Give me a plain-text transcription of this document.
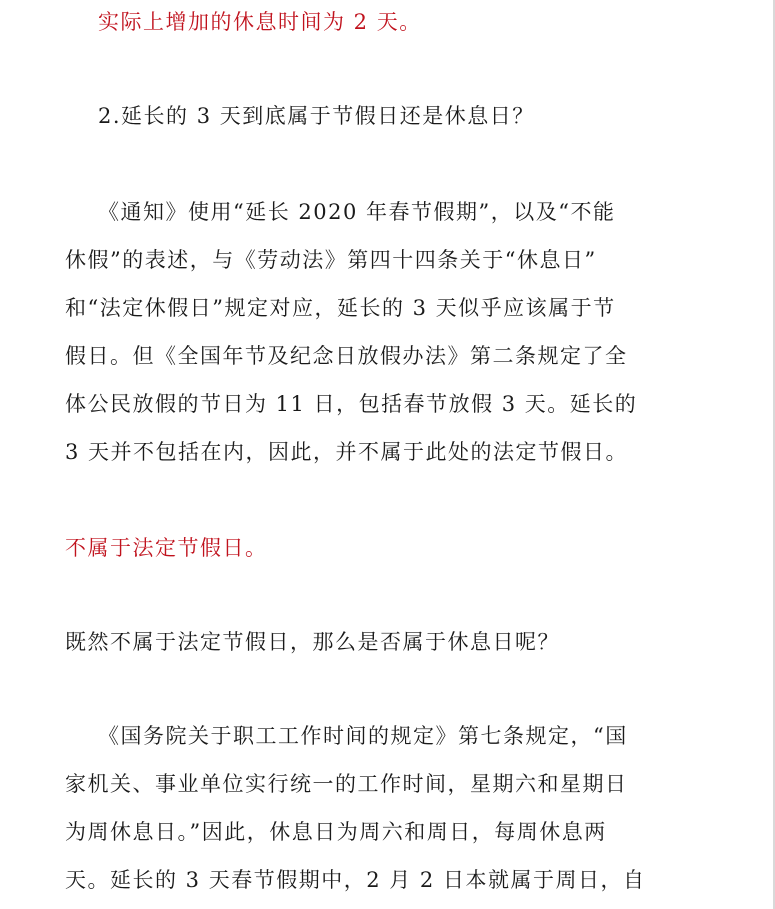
实际上增加的休息时间为 2 天。

2.延长的 3 天到底属于节假日还是休息日？

《通知》使用“延长 2020 年春节假期”，以及“不能

休假”的表述，与《劳动法》第四十四条关于“休息日”

和“法定休假日”规定对应，延长的 3 天似乎应该属于节

假日。但《全国年节及纪念日放假办法》第二条规定了全

体公民放假的节日为 11 日，包括春节放假 3 天。延长的

3 天并不包括在内，因此，并不属于此处的法定节假日。

不属于法定节假日。

既然不属于法定节假日，那么是否属于休息日呢？

《国务院关于职工工作时间的规定》第七条规定，“国

家机关、事业单位实行统一的工作时间，星期六和星期日

为周休息日。”因此，休息日为周六和周日，每周休息两

天。延长的 3 天春节假期中，2 月 2 日本就属于周日，自
